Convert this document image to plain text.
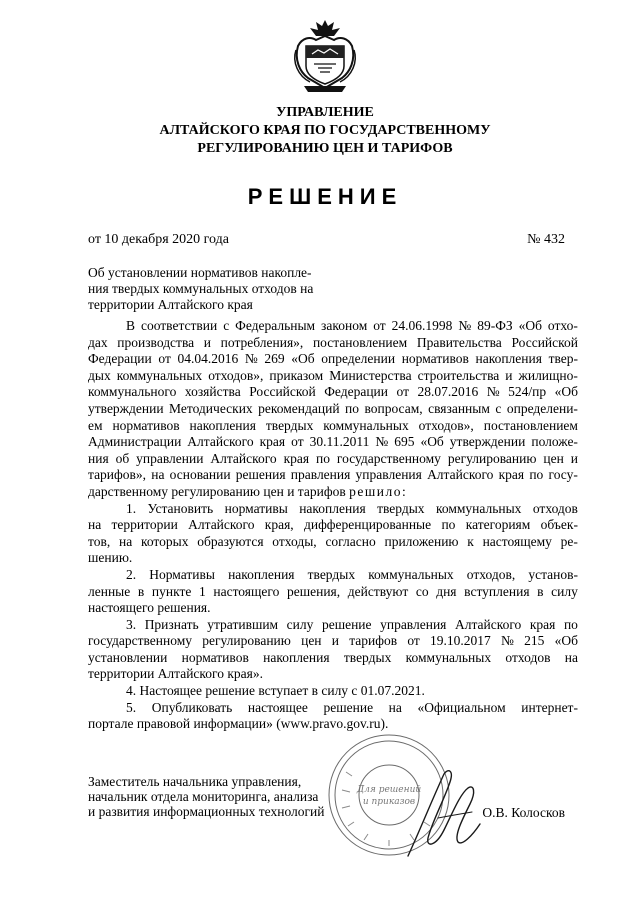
УПРАВЛЕНИЕ
АЛТАЙСКОГО КРАЯ ПО ГОСУДАРСТВЕННОМУ
РЕГУЛИРОВАНИЮ ЦЕН И ТАРИФОВ
РЕШЕНИЕ
от 10 декабря 2020 года	№ 432
Об установлении нормативов накопле-
ния твердых коммунальных отходов на
территории Алтайского края
В соответствии с Федеральным законом от 24.06.1998 № 89-ФЗ «Об отхо-
дах производства и потребления», постановлением Правительства Российской
Федерации от 04.04.2016 № 269 «Об определении нормативов накопления твер-
дых коммунальных отходов», приказом Министерства строительства и жилищно-
коммунального хозяйства Российской Федерации от 28.07.2016 № 524/пр «Об
утверждении Методических рекомендаций по вопросам, связанным с определени-
ем нормативов накопления твердых коммунальных отходов», постановлением
Администрации Алтайского края от 30.11.2011 № 695 «Об утверждении положе-
ния об управлении Алтайского края по государственному регулированию цен и
тарифов», на основании решения правления управления Алтайского края по госу-
дарственному регулированию цен и тарифов решило:
1. Установить нормативы накопления твердых коммунальных отходов
на территории Алтайского края, дифференцированные по категориям объек-
тов, на которых образуются отходы, согласно приложению к настоящему ре-
шению.
2. Нормативы накопления твердых коммунальных отходов, установ-
ленные в пункте 1 настоящего решения, действуют со дня вступления в силу
настоящего решения.
3. Признать утратившим силу решение управления Алтайского края по
государственному регулированию цен и тарифов от 19.10.2017 № 215 «Об
установлении нормативов накопления твердых коммунальных отходов на
территории Алтайского края».
4. Настоящее решение вступает в силу с 01.07.2021.
5. Опубликовать настоящее решение на «Официальном интернет-
портале правовой информации» (www.pravo.gov.ru).
Заместитель начальника управления,
начальник отдела мониторинга, анализа
и развития информационных технологий	О.В. Колосков
Для решений
и приказов
